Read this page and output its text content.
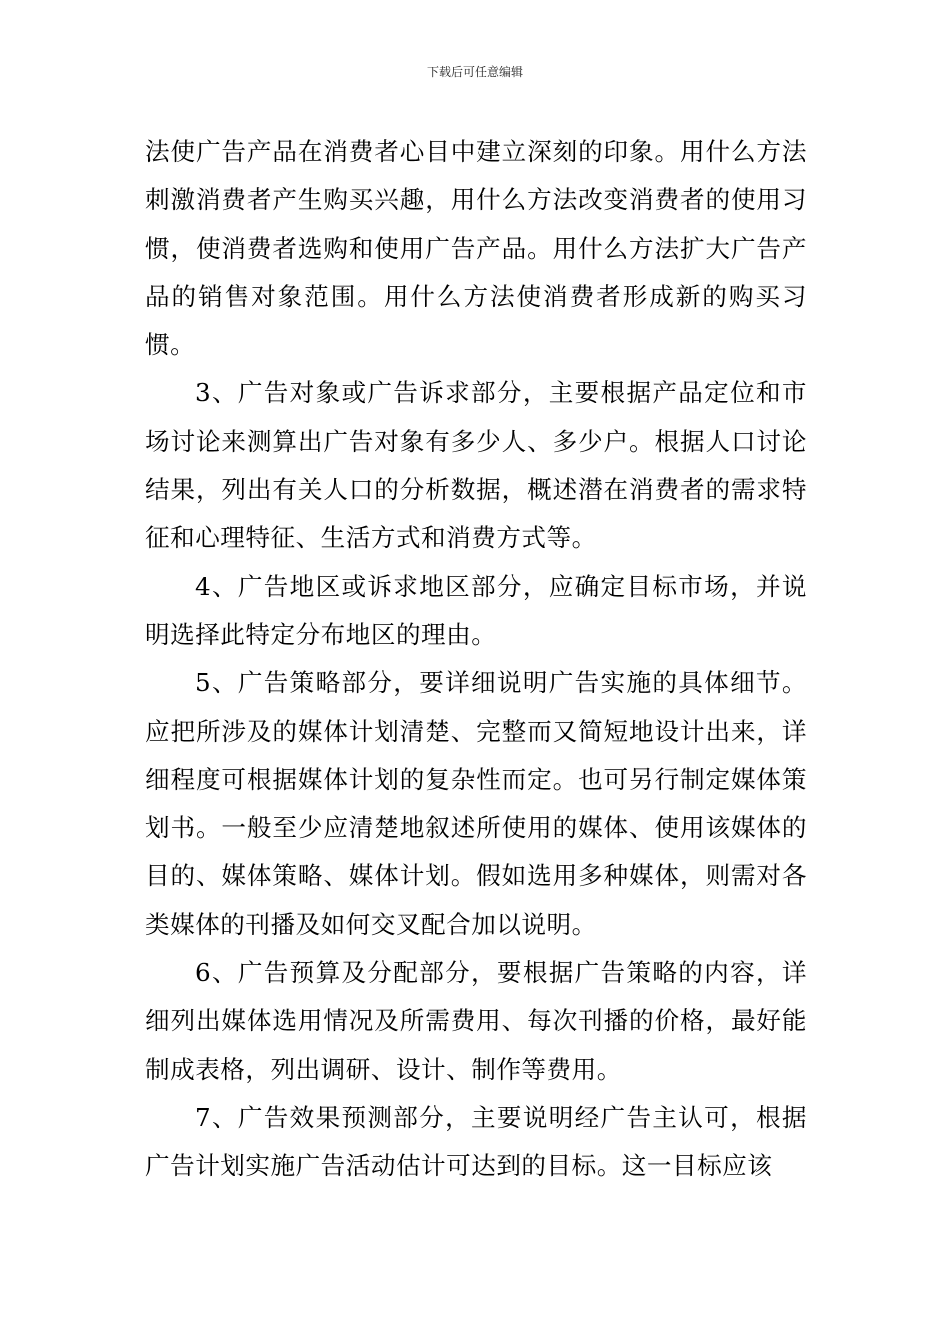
下载后可任意编辑

法使广告产品在消费者心目中建立深刻的印象。用什么方法刺激消费者产生购买兴趣，用什么方法改变消费者的使用习惯，使消费者选购和使用广告产品。用什么方法扩大广告产品的销售对象范围。用什么方法使消费者形成新的购买习惯。

3、广告对象或广告诉求部分，主要根据产品定位和市场讨论来测算出广告对象有多少人、多少户。根据人口讨论结果，列出有关人口的分析数据，概述潜在消费者的需求特征和心理特征、生活方式和消费方式等。

4、广告地区或诉求地区部分，应确定目标市场，并说明选择此特定分布地区的理由。

5、广告策略部分，要详细说明广告实施的具体细节。应把所涉及的媒体计划清楚、完整而又简短地设计出来，详细程度可根据媒体计划的复杂性而定。也可另行制定媒体策划书。一般至少应清楚地叙述所使用的媒体、使用该媒体的目的、媒体策略、媒体计划。假如选用多种媒体，则需对各类媒体的刊播及如何交叉配合加以说明。

6、广告预算及分配部分，要根据广告策略的内容，详细列出媒体选用情况及所需费用、每次刊播的价格，最好能制成表格，列出调研、设计、制作等费用。

7、广告效果预测部分，主要说明经广告主认可，根据广告计划实施广告活动估计可达到的目标。这一目标应该
